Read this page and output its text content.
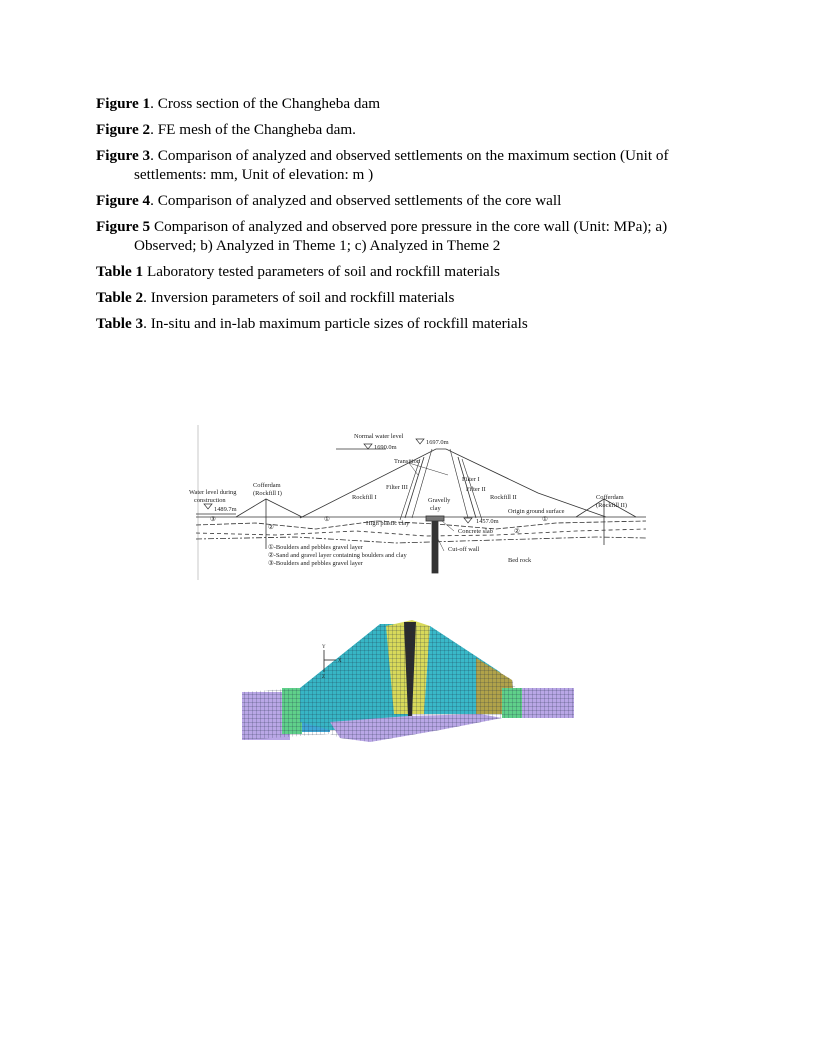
Figure 1. Cross section of the Changheba dam

Figure 2. FE mesh of the Changheba dam.

Figure 3. Comparison of analyzed and observed settlements on the maximum section (Unit of
settlements: mm, Unit of elevation: m )

Figure 4. Comparison of analyzed and observed settlements of the core wall

Figure 5 Comparison of analyzed and observed pore pressure in the core wall (Unit: MPa); a)
Observed; b) Analyzed in Theme 1; c) Analyzed in Theme 2

Table 1 Laboratory tested parameters of soil and rockfill materials

Table 2. Inversion parameters of soil and rockfill materials

Table 3. In-situ and in-lab maximum particle sizes of rockfill materials

Normal water level
1690.0m
1697.0m
Transition
Filter I
Filter II
Filter III
Gravelly
clay
Rockfill I	Rockfill II
Cofferdam
(Rockfill I)
Cofferdam
(Rockfill II)
Water level during
construction
1489.7m
1457.0m
Origin ground surface
High plastic clay
Concrete slab
Cut-off wall
Bed rock
③
②
①
②
①
①-Boulders and pebbles gravel layer
②-Sand and gravel layer containing boulders and clay
③-Boulders and pebbles gravel layer
Y
X
Z
